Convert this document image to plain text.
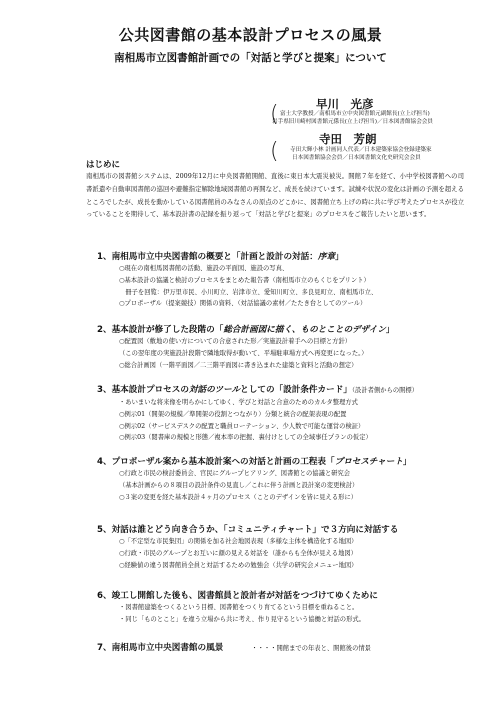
公共図書館の基本設計プロセスの風景
南相馬市立図書館計画での「対話と学びと提案」について
早川　光彦
( 富士大学教授／南相馬市立中央図書館元副館長(立上げ担当)
岩手県旧川崎村図書館元係長(立上げ担当)／日本図書館協会会員
寺田　芳朗
( 寺田大輝小林 計画同人代表／日本建築家協会登録建築家
日本図書館協会会員／日本図書館文化史研究会会員
はじめに

南相馬市の図書館システムは、2009年12月に中央図書館開館、直後に東日本大震災被災。開館７年を経て、小中学校図書館への司書派遣や自動車図書館の巡回や避難指定解除地域図書館の再開など、成長を続けています。試練や状況の変化は計画の予測を超えるところでしたが、成長を動かしている図書館員のみなさんの原点のどこかに、図書館立ち上げの時に共に学び考えたプロセスが役立っていることを期待して、基本設計書の記録を振り返って「対話と学びと提案」のプロセスをご報告したいと思います。

1、南相馬市立中央図書館の概要と「計画と設計の対話：序章」
○現在の南相馬図書館の活動、施設の平面図、施設の写真、
○基本設計の協議と検討のプロセスをまとめた報告書（南相馬市立のもくじをプリント）
　冊子を回覧：伊万里市民、小川町立、岩津市立、愛知川町立、多良見町立、南相馬市立、
○プロポーザル（提案競技）関係の資料、（対話協議の素材／たたき台としてのツール）
2、基本設計が修了した段階の「総合計画図に描く、ものとことのデザイン」
○配置図（敷地の使い方についての合意された形／実施設計着手への目標と方針）
（この翌年度の実施設計段階で隣地取得が動いて、平場駐車場方式へ再変更になった。）
○総合計画図（一階平面図／二三階平面図に書き込まれた建築と資料と活動の想定）
3、基本設計プロセスの対話のツールとしての「設計条件カード」（設計者側からの開標）
・あいまいな将来像を明らかにしてゆく、学びと対話と合意のためのカルタ整理方式
○例示01（開架の規模／準開架の役割とつながり）分類と統合の配架表現の配置
○例示02（サービスデスクの配置と職員ローテーション、少人数で可能な運営の検証）
○例示03（閲書庫の規模と形態／複本率の把握、裏付けとしての全域事任プランの仮定）
4、プロポーザル案から基本設計案への対話と計画の工程表「プロセスチャート」
○行政と市民の検討委員会、官民にグループヒアリング、図書館との協議と研究会
（基本計画からの８項目の設計条件の見直し／これに伴う計画と設計案の変更検討）
○３案の変更を経た基本設計４ヶ月のプロセス（ことのデザインを皆に見える形に）
5、対話は誰とどう向き合うか、「コミュニティチャート」で３方向に対話する
○「不定型な市民集団」の関係を加る社会地図表現（多様な主体を構造化する地図）
○行政・市民のグループとお互いに顔の見える対話を（誰からも全体が見える地図）
○経験値の違う図書館員全員と対話するための勉強会（共学の研究会メニュー地図）
6、竣工し開館した後も、図書館員と設計者が対話をつづけてゆくために
・図書館建築をつくるという目標、図書館をつくり育てるという目標を重ねること。
・同じ「ものとこと」を違う立場から共に考え、作り見守るという協働と対話の形式。
7、南相馬市立中央図書館の風景	・・・・開館までの年表と、開館後の情景
